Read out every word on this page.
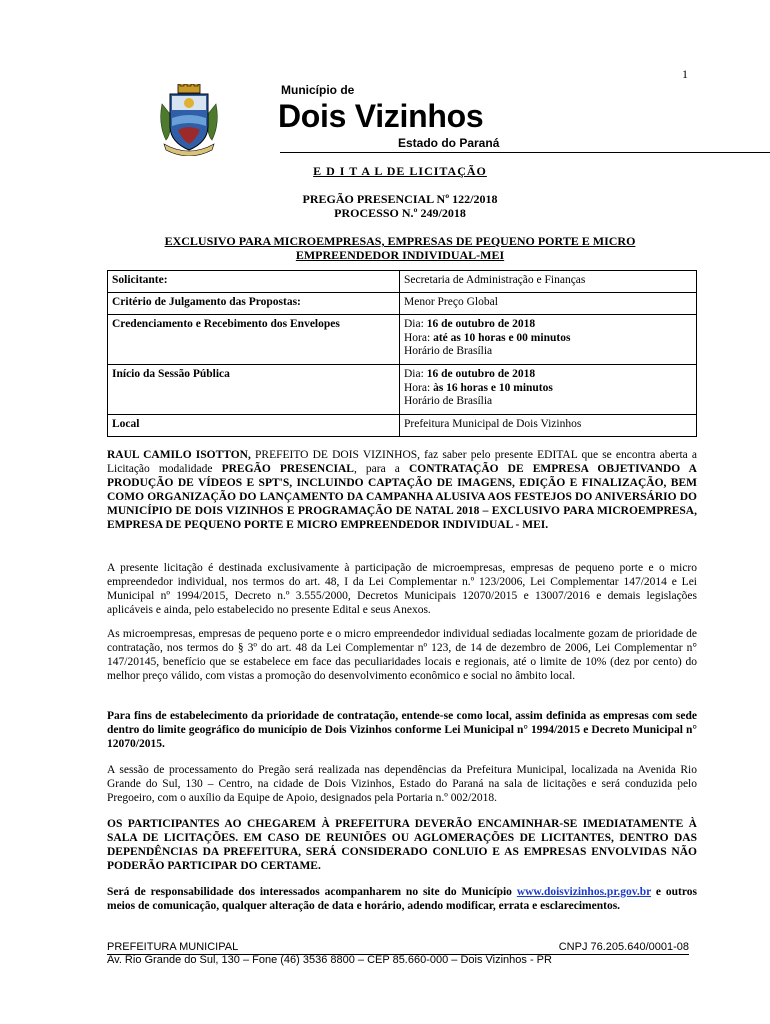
1
Município de
Dois Vizinhos
Estado do Paraná
E D I T A L DE LICITAÇÃO
PREGÃO PRESENCIAL Nº 122/2018
PROCESSO N.º 249/2018
EXCLUSIVO PARA MICROEMPRESAS, EMPRESAS DE PEQUENO PORTE E MICRO
EMPREENDEDOR INDIVIDUAL-MEI
Solicitante:	Secretaria de Administração e Finanças
Critério de Julgamento das Propostas:	Menor Preço Global
Credenciamento e Recebimento dos Envelopes	Dia: 16 de outubro de 2018
Hora: até as 10 horas e 00 minutos
Horário de Brasília

Início da Sessão Pública	Dia: 16 de outubro de 2018
Hora: às 16 horas e 10 minutos
Horário de Brasília

Local	Prefeitura Municipal de Dois Vizinhos
RAUL CAMILO ISOTTON, PREFEITO DE DOIS VIZINHOS, faz saber pelo presente EDITAL que se encontra aberta a Licitação modalidade PREGÃO PRESENCIAL, para a CONTRATAÇÃO DE EMPRESA OBJETIVANDO A PRODUÇÃO DE VÍDEOS E SPT'S, INCLUINDO CAPTAÇÃO DE IMAGENS, EDIÇÃO E FINALIZAÇÃO, BEM COMO ORGANIZAÇÃO DO LANÇAMENTO DA CAMPANHA ALUSIVA AOS FESTEJOS DO ANIVERSÁRIO DO MUNICÍPIO DE DOIS VIZINHOS E PROGRAMAÇÃO DE NATAL 2018 – EXCLUSIVO PARA MICROEMPRESA, EMPRESA DE PEQUENO PORTE E MICRO EMPREENDEDOR INDIVIDUAL - MEI.
A presente licitação é destinada exclusivamente à participação de microempresas, empresas de pequeno porte e o micro empreendedor individual, nos termos do art. 48, I da Lei Complementar n.º 123/2006, Lei Complementar 147/2014 e Lei Municipal nº 1994/2015, Decreto n.º 3.555/2000, Decretos Municipais 12070/2015 e 13007/2016 e demais legislações aplicáveis e ainda, pelo estabelecido no presente Edital e seus Anexos.
As microempresas, empresas de pequeno porte e o micro empreendedor individual sediadas localmente gozam de prioridade de contratação, nos termos do § 3º do art. 48 da Lei Complementar nº 123, de 14 de dezembro de 2006, Lei Complementar n° 147/20145, benefício que se estabelece em face das peculiaridades locais e regionais, até o limite de 10% (dez por cento) do melhor preço válido, com vistas a promoção do desenvolvimento econômico e social no âmbito local.
Para fins de estabelecimento da prioridade de contratação, entende-se como local, assim definida as empresas com sede dentro do limite geográfico do município de Dois Vizinhos conforme Lei Municipal n° 1994/2015 e Decreto Municipal n° 12070/2015.
A sessão de processamento do Pregão será realizada nas dependências da Prefeitura Municipal, localizada na Avenida Rio Grande do Sul, 130 – Centro, na cidade de Dois Vizinhos, Estado do Paraná na sala de licitações e será conduzida pelo Pregoeiro, com o auxílio da Equipe de Apoio, designados pela Portaria n.º 002/2018.
OS PARTICIPANTES AO CHEGAREM À PREFEITURA DEVERÃO ENCAMINHAR-SE IMEDIATAMENTE À SALA DE LICITAÇÕES. EM CASO DE REUNIÕES OU AGLOMERAÇÕES DE LICITANTES, DENTRO DAS DEPENDÊNCIAS DA PREFEITURA, SERÁ CONSIDERADO CONLUIO E AS EMPRESAS ENVOLVIDAS NÃO PODERÃO PARTICIPAR DO CERTAME.
Será de responsabilidade dos interessados acompanharem no site do Município www.doisvizinhos.pr.gov.br e outros meios de comunicação, qualquer alteração de data e horário, adendo modificar, errata e esclarecimentos.
PREFEITURA MUNICIPAL	CNPJ 76.205.640/0001-08
Av. Rio Grande do Sul, 130 – Fone (46) 3536 8800 – CEP 85.660-000 – Dois Vizinhos - PR
